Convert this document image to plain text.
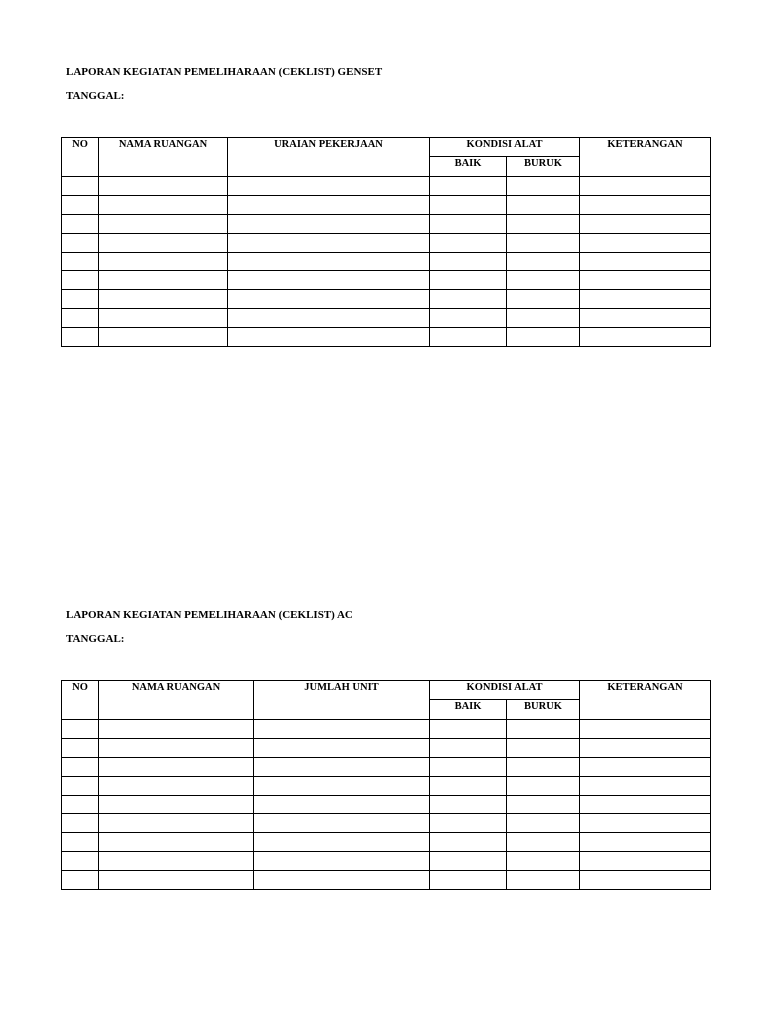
LAPORAN KEGIATAN PEMELIHARAAN (CEKLIST) GENSET

TANGGAL:

NO	NAMA RUANGAN	URAIAN PEKERJAAN	KONDISI ALAT		KETERANGAN
			BAIK	BURUK	

LAPORAN KEGIATAN PEMELIHARAAN (CEKLIST) AC

TANGGAL:

NO	NAMA RUANGAN	JUMLAH UNIT	KONDISI ALAT		KETERANGAN
			BAIK	BURUK	
